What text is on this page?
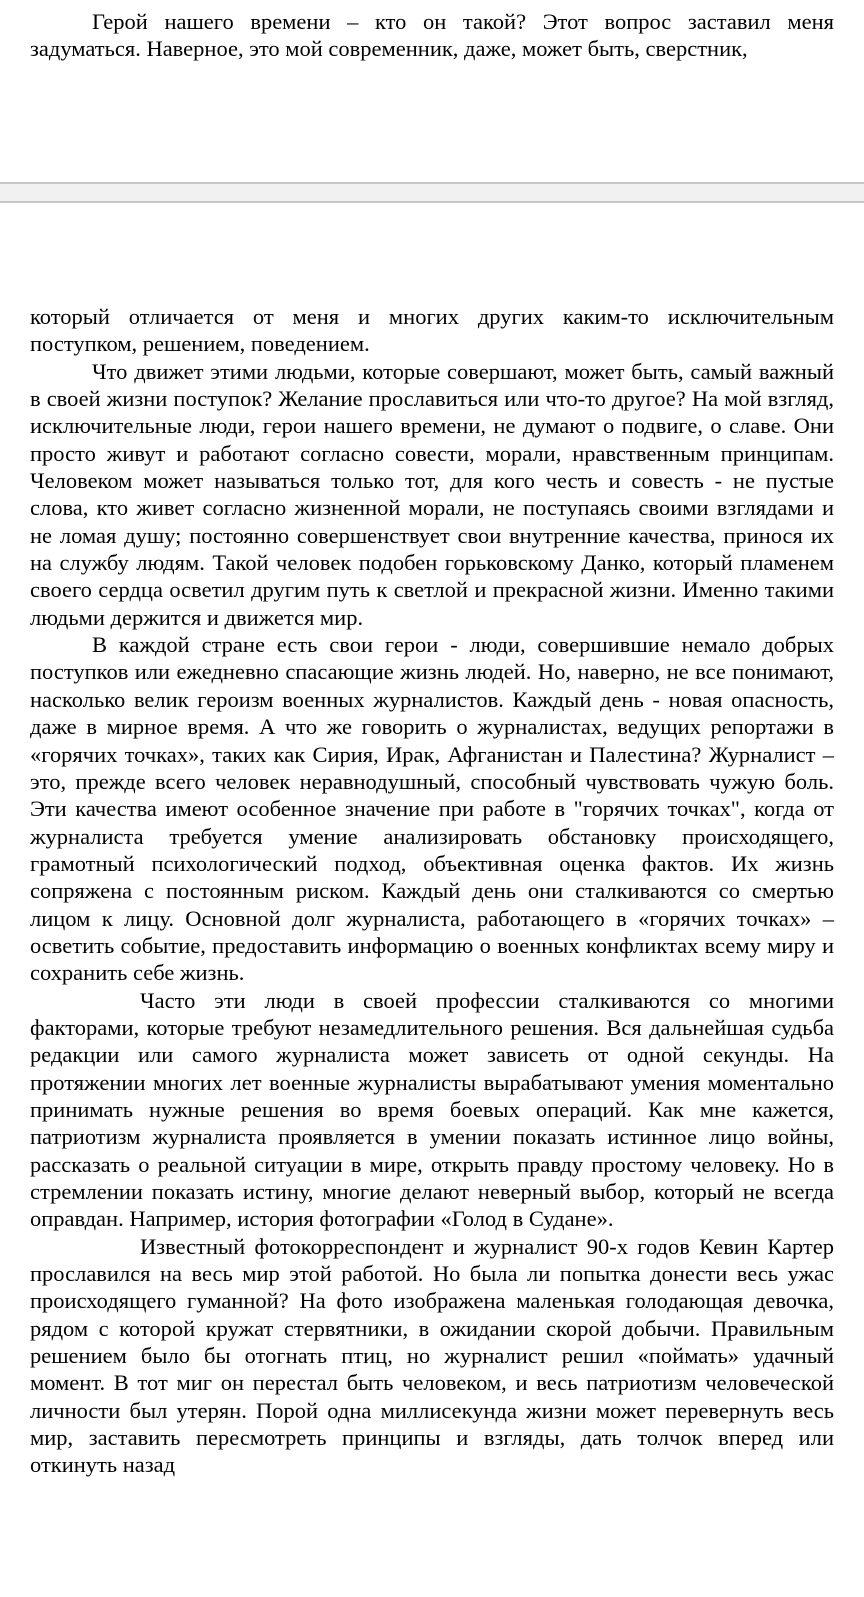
Герой нашего времени – кто он такой? Этот вопрос заставил меня задуматься. Наверное, это мой современник, даже, может быть, сверстник,

который отличается от меня и многих других каким-то исключительным поступком, решением, поведением.

Что движет этими людьми, которые совершают, может быть, самый важный в своей жизни поступок? Желание прославиться или что-то другое? На мой взгляд, исключительные люди, герои нашего времени, не думают о подвиге, о славе. Они просто живут и работают согласно совести, морали, нравственным принципам. Человеком может называться только тот, для кого честь и совесть - не пустые слова, кто живет согласно жизненной морали, не поступаясь своими взглядами и не ломая душу; постоянно совершенствует свои внутренние качества, принося их на службу людям. Такой человек подобен горьковскому Данко, который пламенем своего сердца осветил другим путь к светлой и прекрасной жизни. Именно такими людьми держится и движется мир.

В каждой стране есть свои герои - люди, совершившие немало добрых поступков или ежедневно спасающие жизнь людей. Но, наверно, не все понимают, насколько велик героизм военных журналистов. Каждый день - новая опасность, даже в мирное время. А что же говорить о журналистах, ведущих репортажи в «горячих точках», таких как Сирия, Ирак, Афганистан и Палестина? Журналист – это, прежде всего человек неравнодушный, способный чувствовать чужую боль. Эти качества имеют особенное значение при работе в "горячих точках", когда от журналиста требуется умение анализировать обстановку происходящего, грамотный психологический подход, объективная оценка фактов. Их жизнь сопряжена с постоянным риском. Каждый день они сталкиваются со смертью лицом к лицу. Основной долг журналиста, работающего в «горячих точках» – осветить событие, предоставить информацию о военных конфликтах всему миру и сохранить себе жизнь.

Часто эти люди в своей профессии сталкиваются со многими факторами, которые требуют незамедлительного решения. Вся дальнейшая судьба редакции или самого журналиста может зависеть от одной секунды. На протяжении многих лет военные журналисты вырабатывают умения моментально принимать нужные решения во время боевых операций. Как мне кажется, патриотизм журналиста проявляется в умении показать истинное лицо войны, рассказать о реальной ситуации в мире, открыть правду простому человеку. Но в стремлении показать истину, многие делают неверный выбор, который не всегда оправдан. Например, история фотографии «Голод в Судане».

Известный фотокорреспондент и журналист 90-х годов Кевин Картер прославился на весь мир этой работой. Но была ли попытка донести весь ужас происходящего гуманной? На фото изображена маленькая голодающая девочка, рядом с которой кружат стервятники, в ожидании скорой добычи. Правильным решением было бы отогнать птиц, но журналист решил «поймать» удачный момент. В тот миг он перестал быть человеком, и весь патриотизм человеческой личности был утерян. Порой одна миллисекунда жизни может перевернуть весь мир, заставить пересмотреть принципы и взгляды, дать толчок вперед или откинуть назад
